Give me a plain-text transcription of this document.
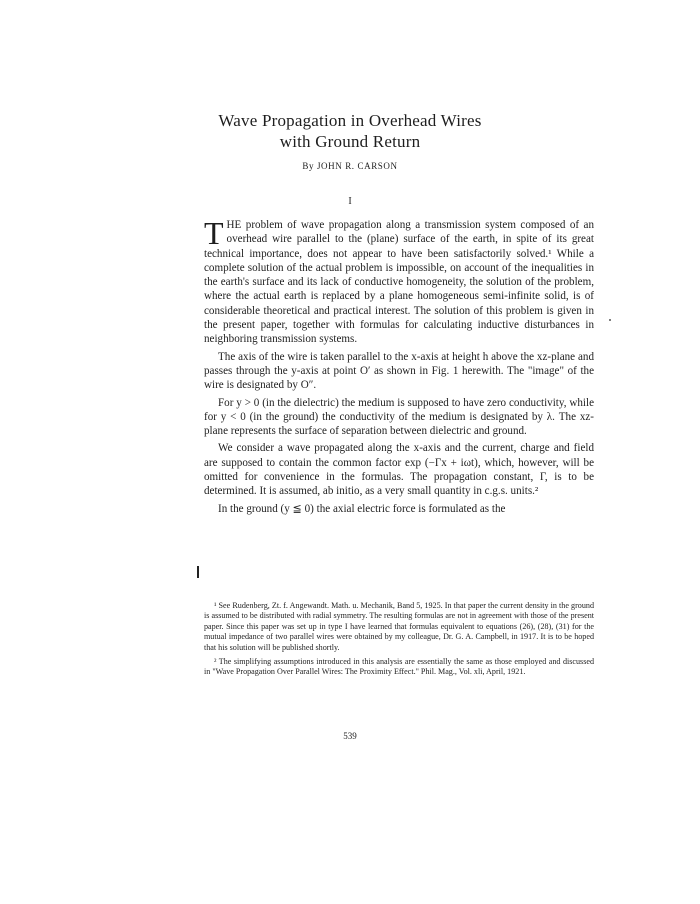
Wave Propagation in Overhead Wires
with Ground Return
By JOHN R. CARSON
I

THE problem of wave propagation along a transmission system composed of an overhead wire parallel to the (plane) surface of the earth, in spite of its great technical importance, does not appear to have been satisfactorily solved.¹ While a complete solution of the actual problem is impossible, on account of the inequalities in the earth's surface and its lack of conductive homogeneity, the solution of the problem, where the actual earth is replaced by a plane homogeneous semi-infinite solid, is of considerable theoretical and practical interest. The solution of this problem is given in the present paper, together with formulas for calculating inductive disturbances in neighboring transmission systems.

The axis of the wire is taken parallel to the x-axis at height h above the xz-plane and passes through the y-axis at point O′ as shown in Fig. 1 herewith. The "image" of the wire is designated by O″.

For y > 0 (in the dielectric) the medium is supposed to have zero conductivity, while for y < 0 (in the ground) the conductivity of the medium is designated by λ. The xz-plane represents the surface of separation between dielectric and ground.

We consider a wave propagated along the x-axis and the current, charge and field are supposed to contain the common factor exp (−Γx + iωt), which, however, will be omitted for convenience in the formulas. The propagation constant, Γ, is to be determined. It is assumed, ab initio, as a very small quantity in c.g.s. units.²

In the ground (y ≦ 0) the axial electric force is formulated as the

¹ See Rudenberg, Zt. f. Angewandt. Math. u. Mechanik, Band 5, 1925. In that paper the current density in the ground is assumed to be distributed with radial symmetry. The resulting formulas are not in agreement with those of the present paper. Since this paper was set up in type I have learned that formulas equivalent to equations (26), (28), (31) for the mutual impedance of two parallel wires were obtained by my colleague, Dr. G. A. Campbell, in 1917. It is to be hoped that his solution will be published shortly.

² The simplifying assumptions introduced in this analysis are essentially the same as those employed and discussed in "Wave Propagation Over Parallel Wires: The Proximity Effect." Phil. Mag., Vol. xli, April, 1921.

539
